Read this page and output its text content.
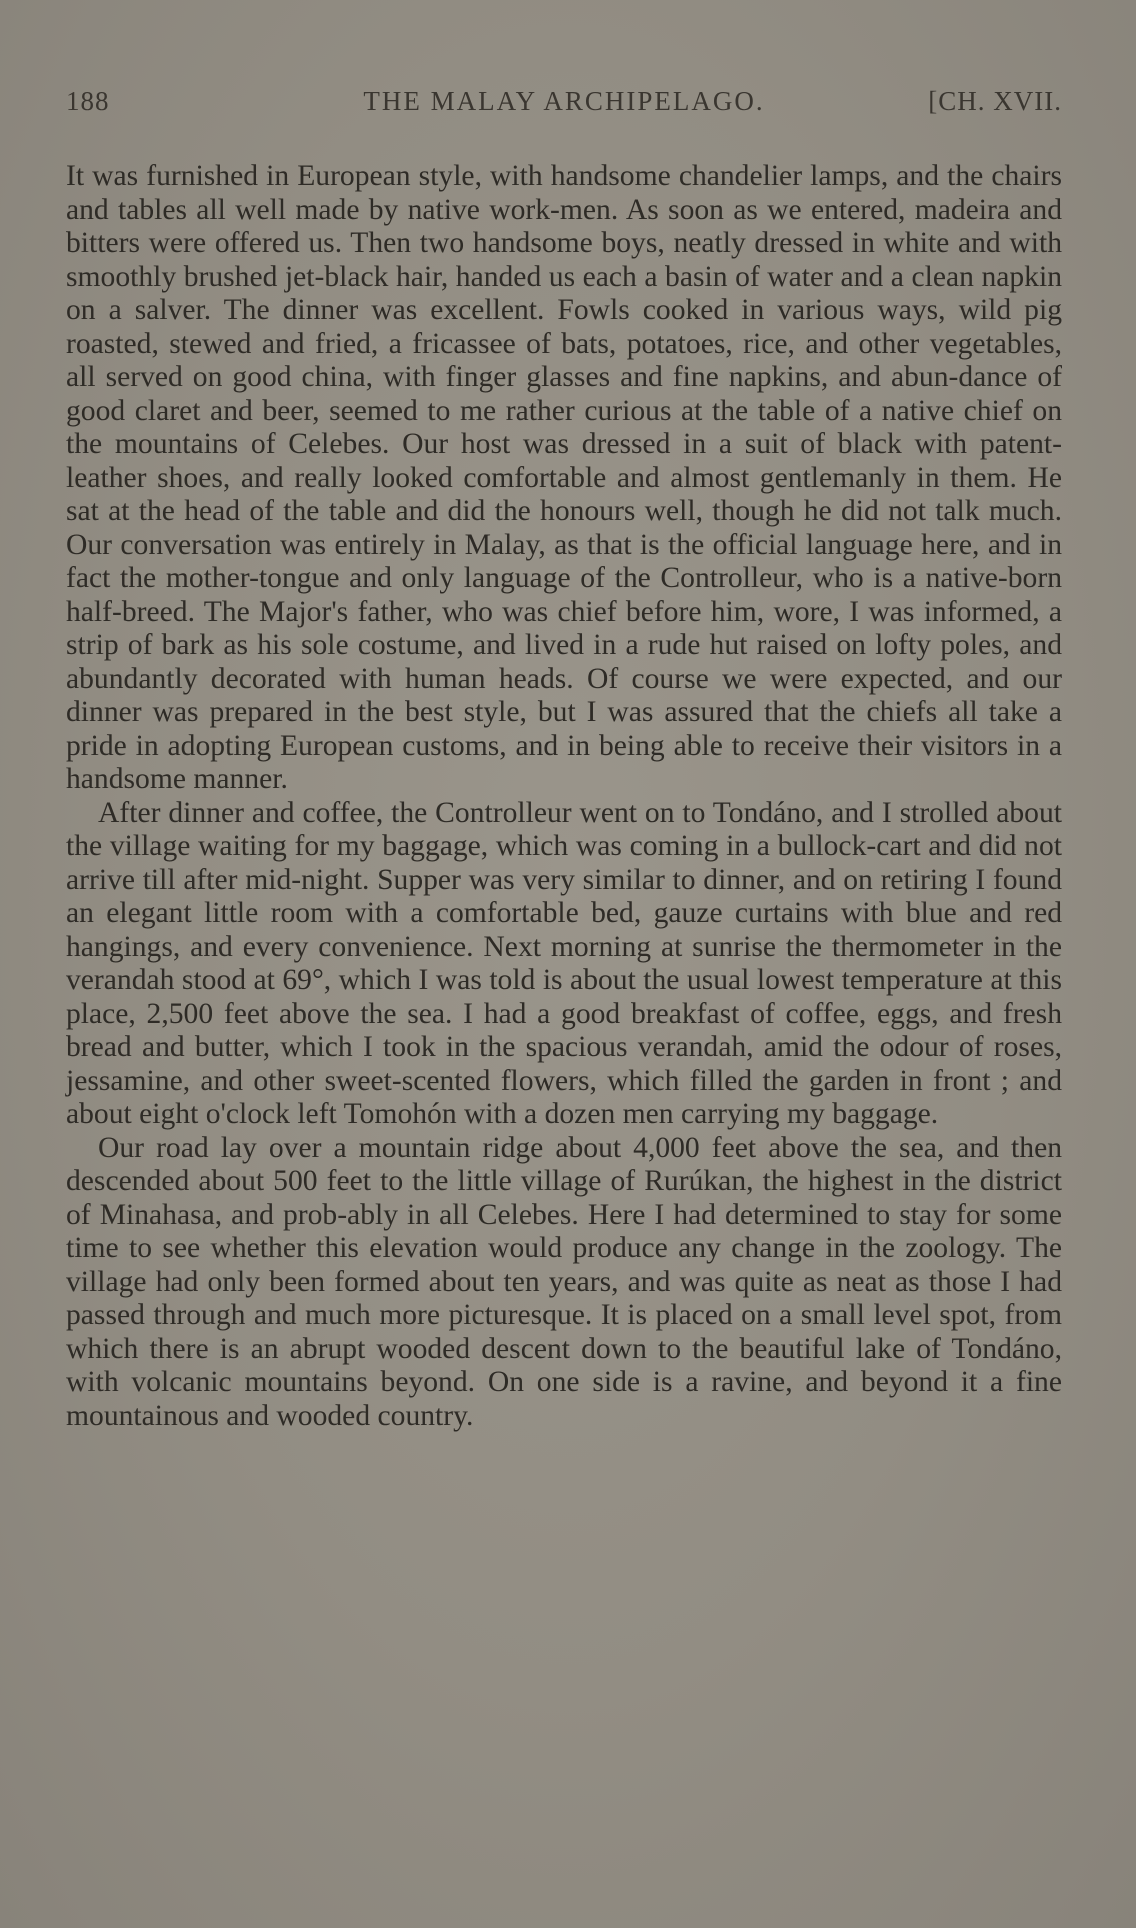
188	THE MALAY ARCHIPELAGO.	[CH. XVII.

It was furnished in European style, with handsome chandelier lamps, and the chairs and tables all well made by native work-men. As soon as we entered, madeira and bitters were offered us. Then two handsome boys, neatly dressed in white and with smoothly brushed jet-black hair, handed us each a basin of water and a clean napkin on a salver. The dinner was excellent. Fowls cooked in various ways, wild pig roasted, stewed and fried, a fricassee of bats, potatoes, rice, and other vegetables, all served on good china, with finger glasses and fine napkins, and abun-dance of good claret and beer, seemed to me rather curious at the table of a native chief on the mountains of Celebes. Our host was dressed in a suit of black with patent-leather shoes, and really looked comfortable and almost gentlemanly in them. He sat at the head of the table and did the honours well, though he did not talk much. Our conversation was entirely in Malay, as that is the official language here, and in fact the mother-tongue and only language of the Controlleur, who is a native-born half-breed. The Major's father, who was chief before him, wore, I was informed, a strip of bark as his sole costume, and lived in a rude hut raised on lofty poles, and abundantly decorated with human heads. Of course we were expected, and our dinner was prepared in the best style, but I was assured that the chiefs all take a pride in adopting European customs, and in being able to receive their visitors in a handsome manner.

After dinner and coffee, the Controlleur went on to Tondáno, and I strolled about the village waiting for my baggage, which was coming in a bullock-cart and did not arrive till after mid-night. Supper was very similar to dinner, and on retiring I found an elegant little room with a comfortable bed, gauze curtains with blue and red hangings, and every convenience. Next morning at sunrise the thermometer in the verandah stood at 69°, which I was told is about the usual lowest temperature at this place, 2,500 feet above the sea. I had a good breakfast of coffee, eggs, and fresh bread and butter, which I took in the spacious verandah, amid the odour of roses, jessamine, and other sweet-scented flowers, which filled the garden in front ; and about eight o'clock left Tomohón with a dozen men carrying my baggage.

Our road lay over a mountain ridge about 4,000 feet above the sea, and then descended about 500 feet to the little village of Rurúkan, the highest in the district of Minahasa, and prob-ably in all Celebes. Here I had determined to stay for some time to see whether this elevation would produce any change in the zoology. The village had only been formed about ten years, and was quite as neat as those I had passed through and much more picturesque. It is placed on a small level spot, from which there is an abrupt wooded descent down to the beautiful lake of Tondáno, with volcanic mountains beyond. On one side is a ravine, and beyond it a fine mountainous and wooded country.
